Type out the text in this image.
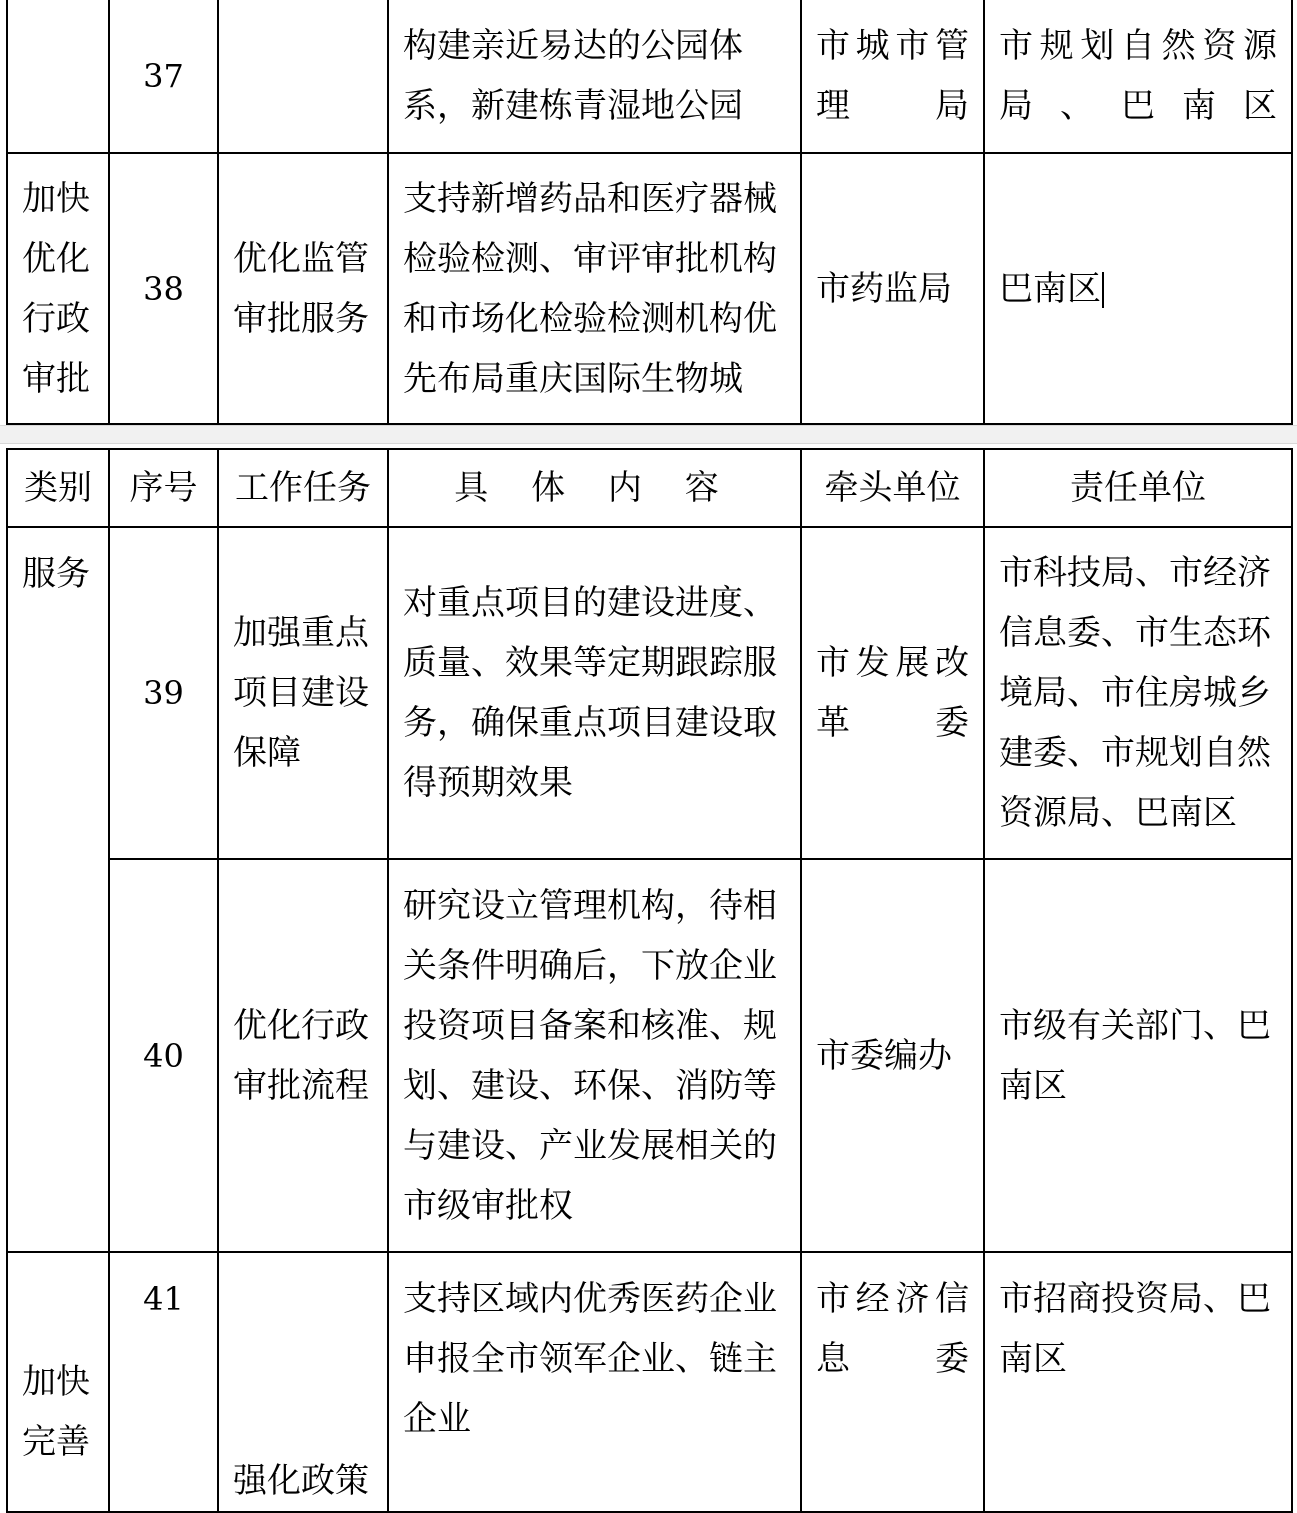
	37		构建亲近易达的公园体系，新建栋青湿地公园	市城市管理局	市规划自然资源局、巴南区
加快优化行政审批	38	优化监管审批服务	支持新增药品和医疗器械检验检测、审评审批机构和市场化检验检测机构优先布局重庆国际生物城	市药监局	巴南区
类别	序号	工作任务	具 体 内 容	牵头单位	责任单位
服务	39	加强重点项目建设保障	对重点项目的建设进度、质量、效果等定期跟踪服务，确保重点项目建设取得预期效果	市发展改革委	市科技局、市经济信息委、市生态环境局、市住房城乡建委、市规划自然资源局、巴南区
	40	优化行政审批流程	研究设立管理机构，待相关条件明确后，下放企业投资项目备案和核准、规划、建设、环保、消防等与建设、产业发展相关的市级审批权	市委编办	市级有关部门、巴南区
加快完善	41	强化政策	支持区域内优秀医药企业申报全市领军企业、链主企业	市经济信息委	市招商投资局、巴南区
